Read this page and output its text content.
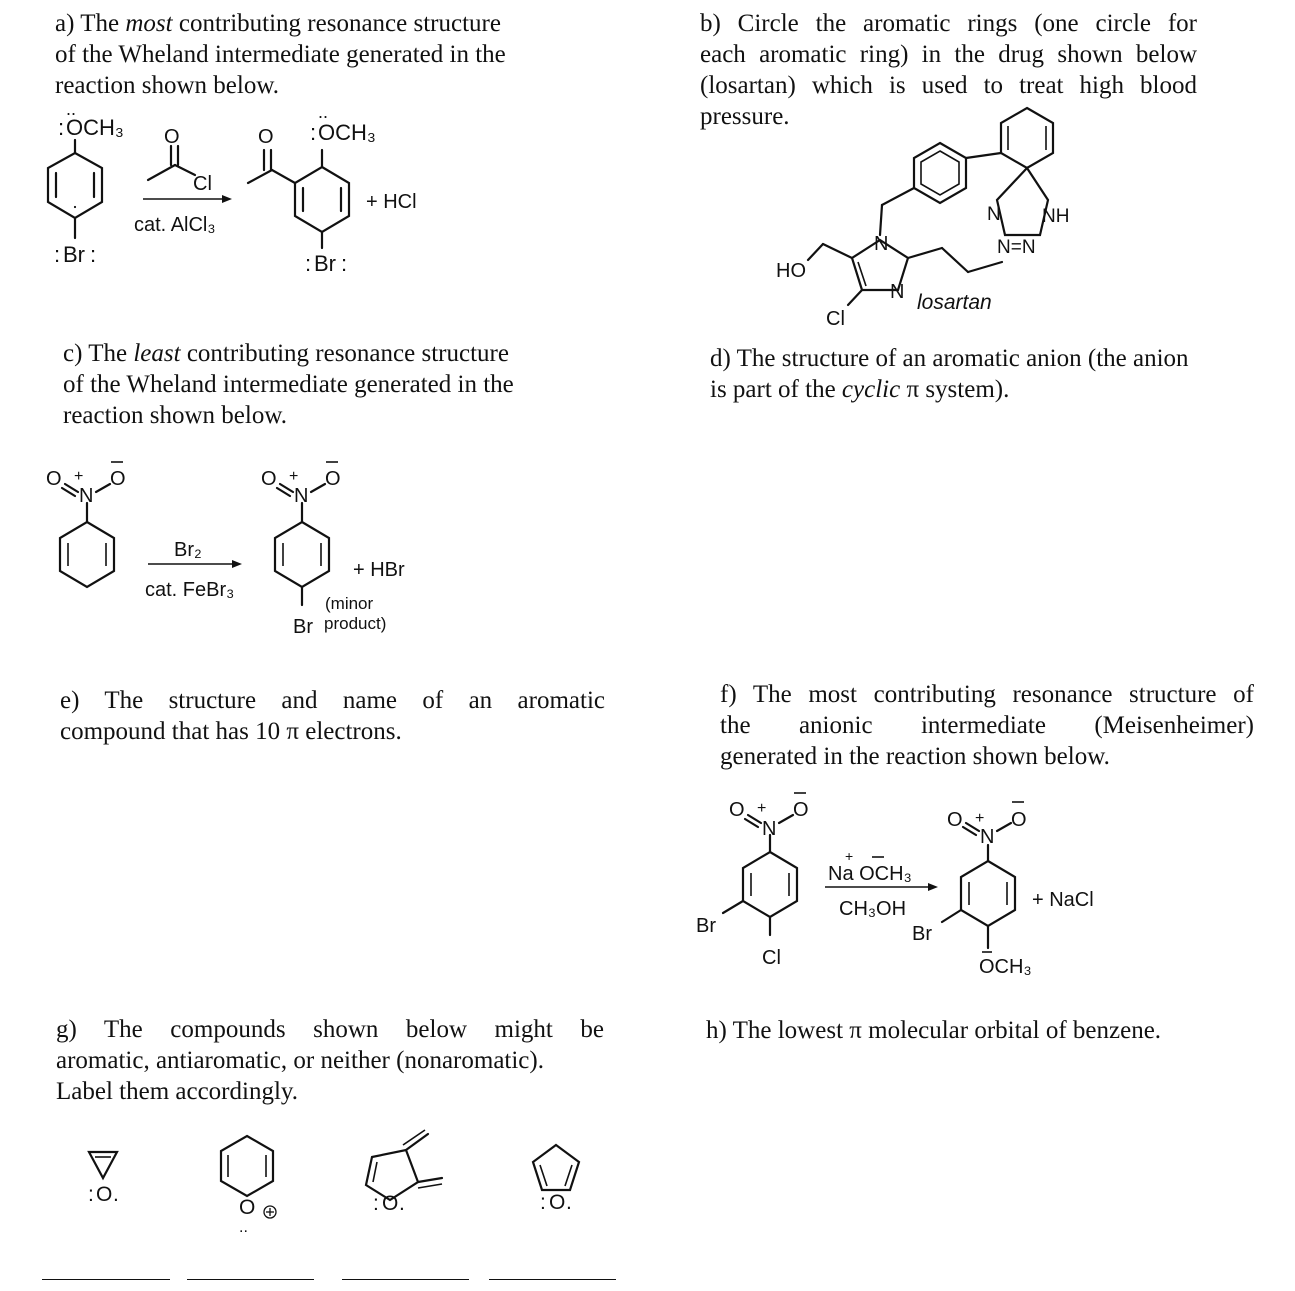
a) The most contributing resonance structure
of the Wheland intermediate generated in the
reaction shown below.
b) Circle the aromatic rings (one circle for
each aromatic ring) in the drug shown below
(losartan) which is used to treat high blood
pressure.
c) The least contributing resonance structure
of the Wheland intermediate generated in the
reaction shown below.
d) The structure of an aromatic anion (the anion
is part of the cyclic π system).
e) The structure and name of an aromatic
compound that has 10 π electrons.
f) The most contributing resonance structure of
the anionic intermediate (Meisenheimer)
generated in the reaction shown below.
g) The compounds shown below might be
aromatic, antiaromatic, or neither (nonaromatic).
Label them accordingly.
h) The lowest π molecular orbital of benzene.
:
..
OCH₃
: Br :
O
Cl
cat. AlCl₃
O :
..
OCH₃
+ HCl
: Br :	HO
N
N
Cl
N NH
N=N
losartan
O
N
+ O
Br₂
cat. FeBr₃
O
N
+ O
+ HBr
(minor
Br product)
O
N
+ O
Br
Cl
+
Na OCH₃
CH₃OH
O
N
+ O
+ NaCl
Br
OCH₃
: O .
O
..
: O .	: O .
